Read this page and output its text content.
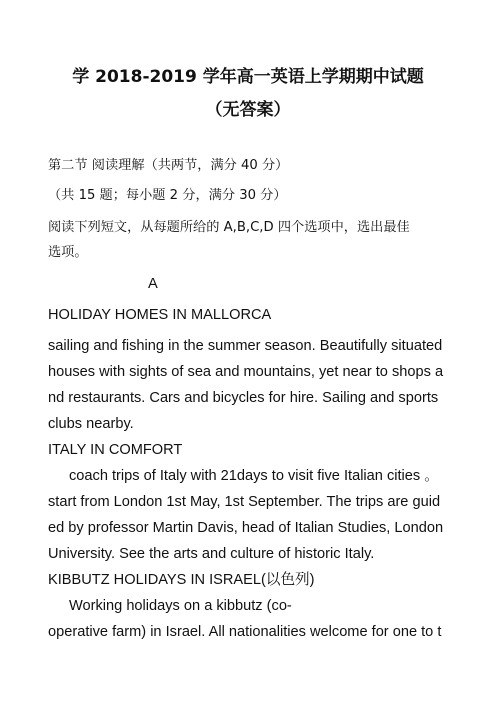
学 2018-2019 学年高一英语上学期期中试题
（无答案）
第二节 阅读理解（共两节，满分 40 分）
（共 15 题；每小题 2 分，满分 30 分）
阅读下列短文，从每题所给的 A,B,C,D 四个选项中，选出最佳
选项。
A
HOLIDAY HOMES IN MALLORCA
sailing and fishing in the summer season. Beautifully situated
houses with sights of sea and mountains, yet near to shops a
nd restaurants. Cars and bicycles for hire. Sailing and sports
clubs nearby.
ITALY IN COMFORT
coach trips of Italy with 21days to visit five Italian cities 。
start from London 1st May, 1st September. The trips are guid
ed by professor Martin Davis, head of Italian Studies, London
University. See the arts and culture of historic Italy.
KIBBUTZ HOLIDAYS IN ISRAEL(以色列)
Working holidays on a kibbutz (co-
operative farm) in Israel. All nationalities welcome for one to t
